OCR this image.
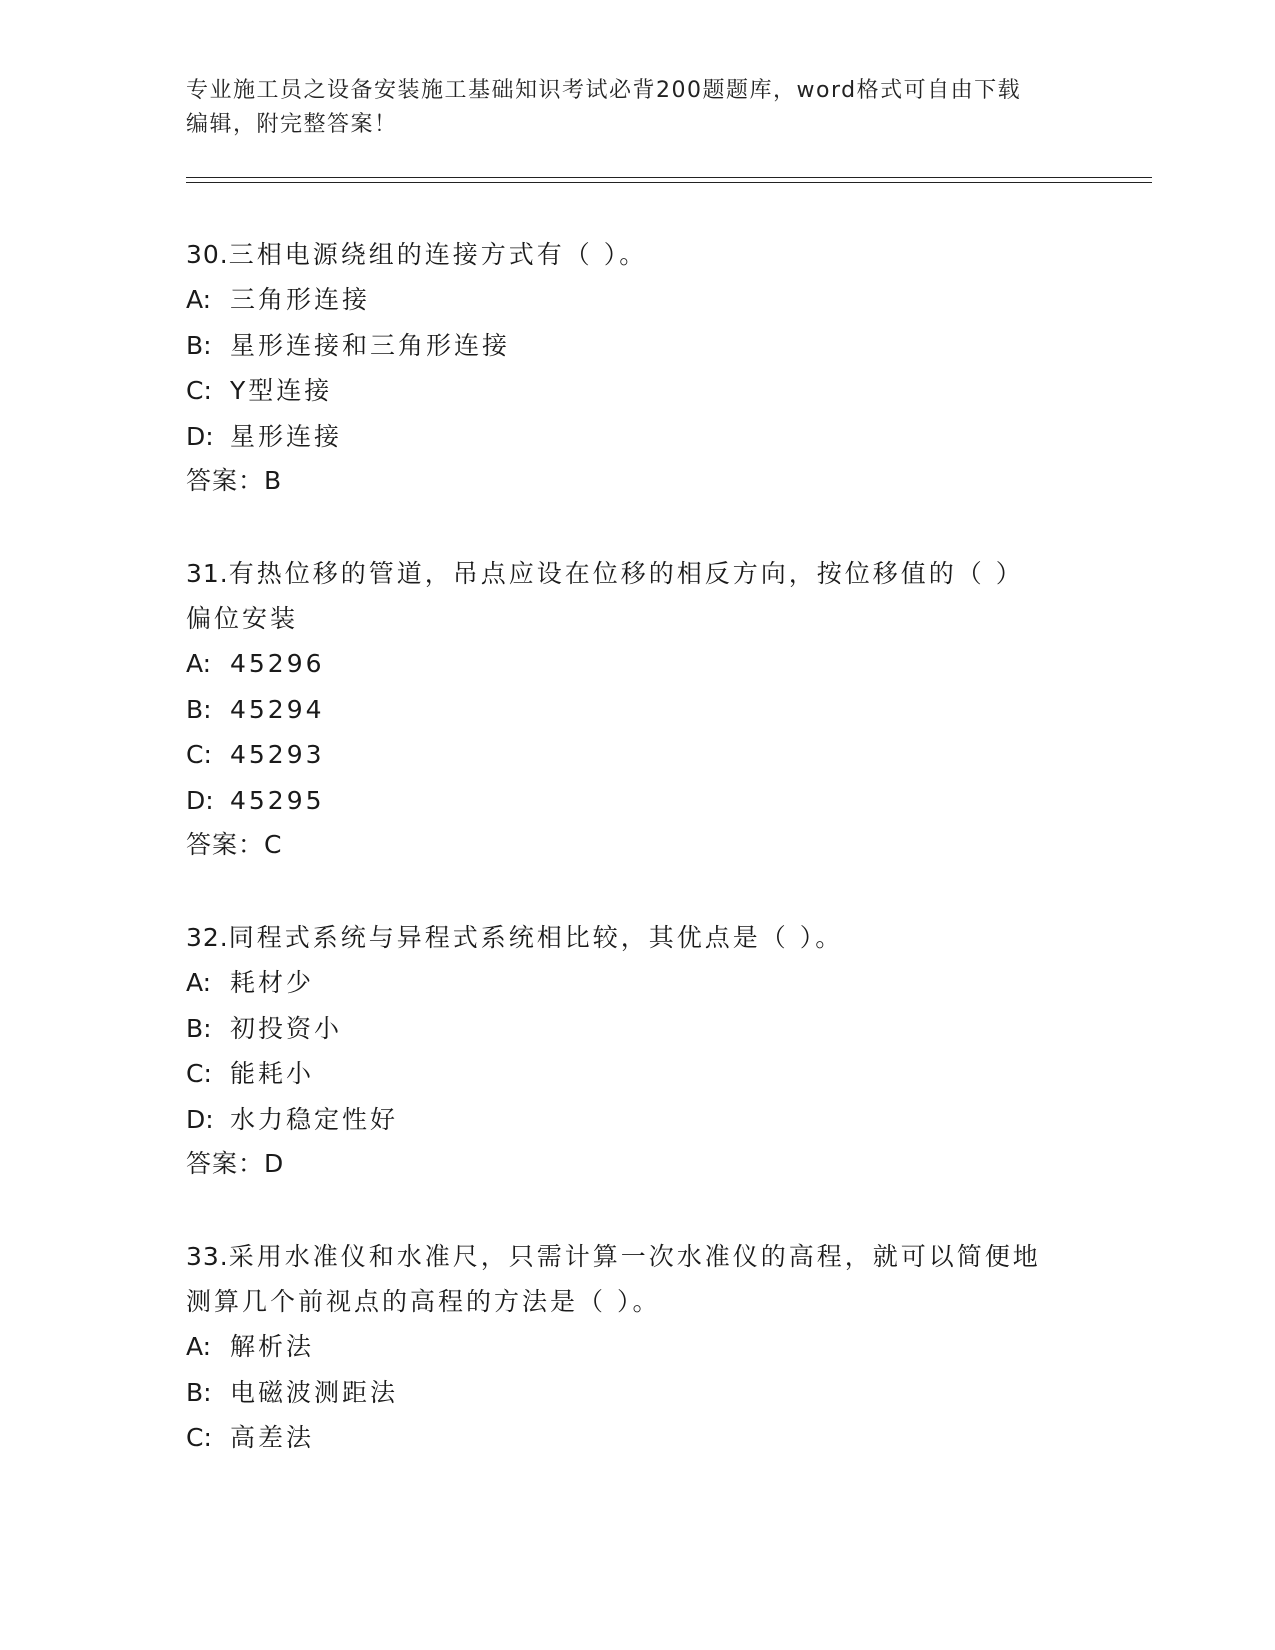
专业施工员之设备安装施工基础知识考试必背200题题库，word格式可自由下载
编辑，附完整答案！
30.三相电源绕组的连接方式有（ ）。
A: 三角形连接
B: 星形连接和三角形连接
C: Y型连接
D: 星形连接
答案：B
31.有热位移的管道，吊点应设在位移的相反方向，按位移值的（ ）
偏位安装
A: 45296
B: 45294
C: 45293
D: 45295
答案：C
32.同程式系统与异程式系统相比较，其优点是（ ）。
A: 耗材少
B: 初投资小
C: 能耗小
D: 水力稳定性好
答案：D
33.采用水准仪和水准尺，只需计算一次水准仪的高程，就可以简便地
测算几个前视点的高程的方法是（ ）。
A: 解析法
B: 电磁波测距法
C: 高差法
